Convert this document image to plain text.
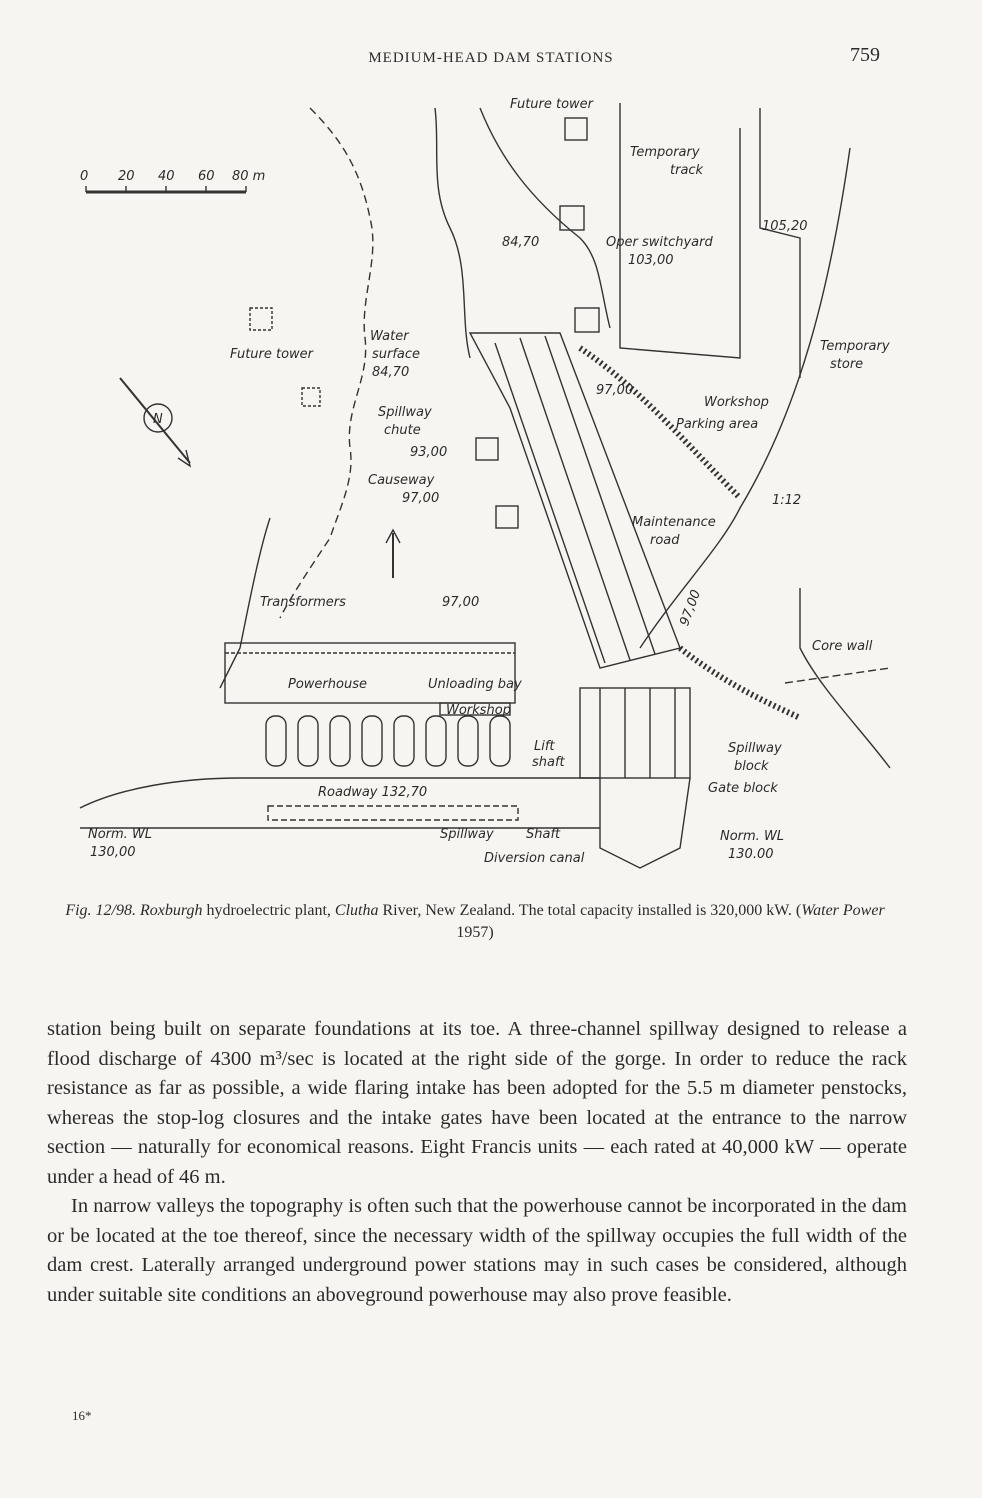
MEDIUM-HEAD DAM STATIONS	759
0 20 40 60 80 m
Future tower
Temporary
track
105,20
84,70	Oper switchyard
103,00
Temporary
store
Future tower
Water
surface
84,70
97,00
Workshop
Parking area
Spillway
chute
93,00
Causeway
97,00	1:12
Maintenance
road
Transformers	97,00	97,00
Core wall
Powerhouse	Unloading bay
Workshop
Lift
shaft
Spillway
block
Gate block
Roadway 132,70
Norm. WL
130,00
Spillway Shaft
Diversion canal
Norm. WL
130.00
N
Fig. 12/98. Roxburgh hydroelectric plant, Clutha River, New Zealand. The total capacity installed is 320,000 kW. (Water Power 1957)

station being built on separate foundations at its toe. A three-channel spillway designed to release a flood discharge of 4300 m³/sec is located at the right side of the gorge. In order to reduce the rack resistance as far as possible, a wide flaring intake has been adopted for the 5.5 m diameter penstocks, whereas the stop-log closures and the intake gates have been located at the entrance to the narrow section — naturally for economical reasons. Eight Francis units — each rated at 40,000 kW — operate under a head of 46 m.

In narrow valleys the topography is often such that the powerhouse cannot be incorporated in the dam or be located at the toe thereof, since the necessary width of the spillway occupies the full width of the dam crest. Laterally arranged underground power stations may in such cases be considered, although under suitable site conditions an aboveground powerhouse may also prove feasible.

16*
